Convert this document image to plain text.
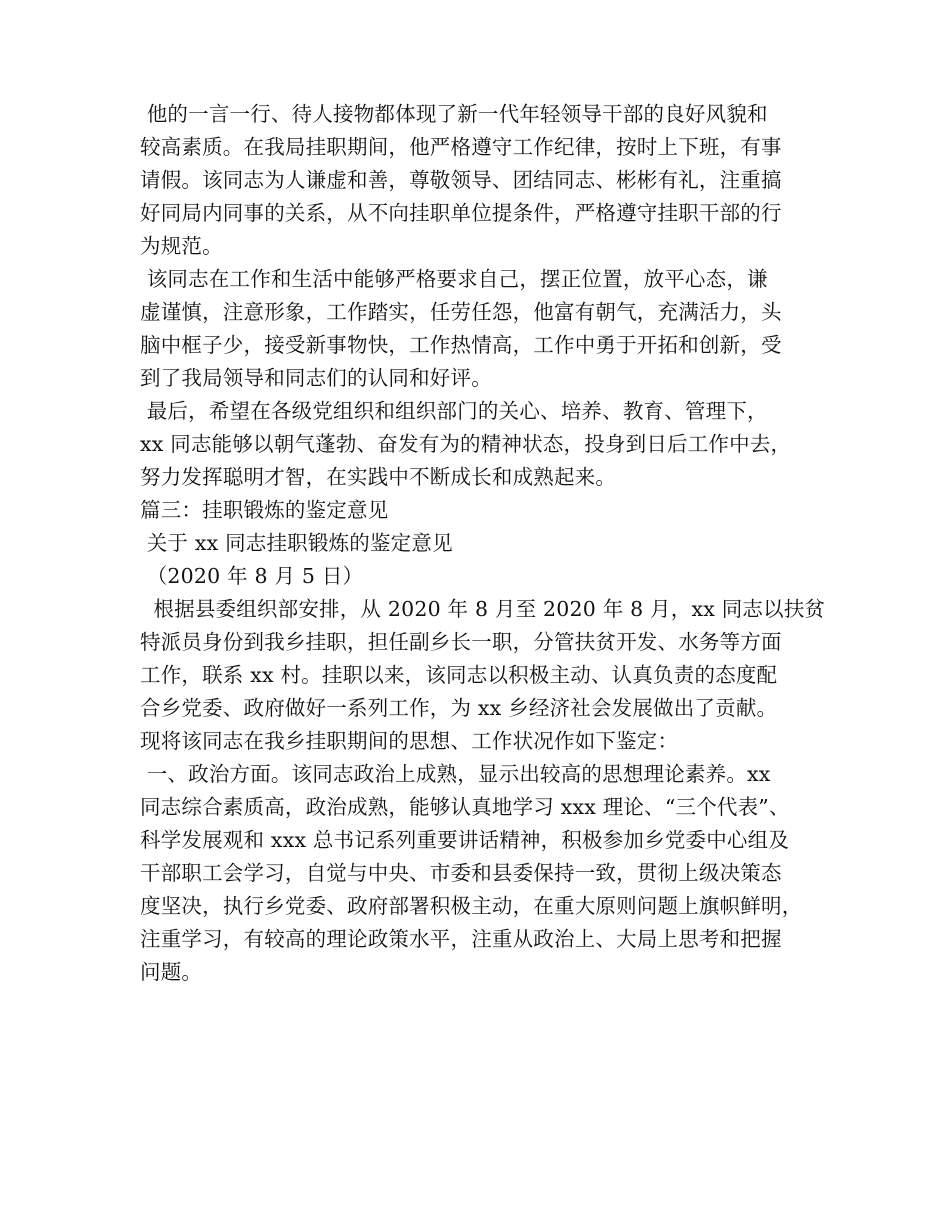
他的一言一行、待人接物都体现了新一代年轻领导干部的良好风貌和
较高素质。在我局挂职期间，他严格遵守工作纪律，按时上下班，有事
请假。该同志为人谦虚和善，尊敬领导、团结同志、彬彬有礼，注重搞
好同局内同事的关系，从不向挂职单位提条件，严格遵守挂职干部的行
为规范。
该同志在工作和生活中能够严格要求自己，摆正位置，放平心态，谦
虚谨慎，注意形象，工作踏实，任劳任怨，他富有朝气，充满活力，头
脑中框子少，接受新事物快，工作热情高，工作中勇于开拓和创新，受
到了我局领导和同志们的认同和好评。
最后，希望在各级党组织和组织部门的关心、培养、教育、管理下，
xx 同志能够以朝气蓬勃、奋发有为的精神状态，投身到日后工作中去，
努力发挥聪明才智，在实践中不断成长和成熟起来。
篇三：挂职锻炼的鉴定意见
关于 xx 同志挂职锻炼的鉴定意见
（2020 年 8 月 5 日）
根据县委组织部安排，从 2020 年 8 月至 2020 年 8 月，xx 同志以扶贫
特派员身份到我乡挂职，担任副乡长一职，分管扶贫开发、水务等方面
工作，联系 xx 村。挂职以来，该同志以积极主动、认真负责的态度配
合乡党委、政府做好一系列工作，为 xx 乡经济社会发展做出了贡献。
现将该同志在我乡挂职期间的思想、工作状况作如下鉴定：
一、政治方面。该同志政治上成熟，显示出较高的思想理论素养。xx
同志综合素质高，政治成熟，能够认真地学习 xxx 理论、“三个代表”、
科学发展观和 xxx 总书记系列重要讲话精神，积极参加乡党委中心组及
干部职工会学习，自觉与中央、市委和县委保持一致，贯彻上级决策态
度坚决，执行乡党委、政府部署积极主动，在重大原则问题上旗帜鲜明，
注重学习，有较高的理论政策水平，注重从政治上、大局上思考和把握
问题。
